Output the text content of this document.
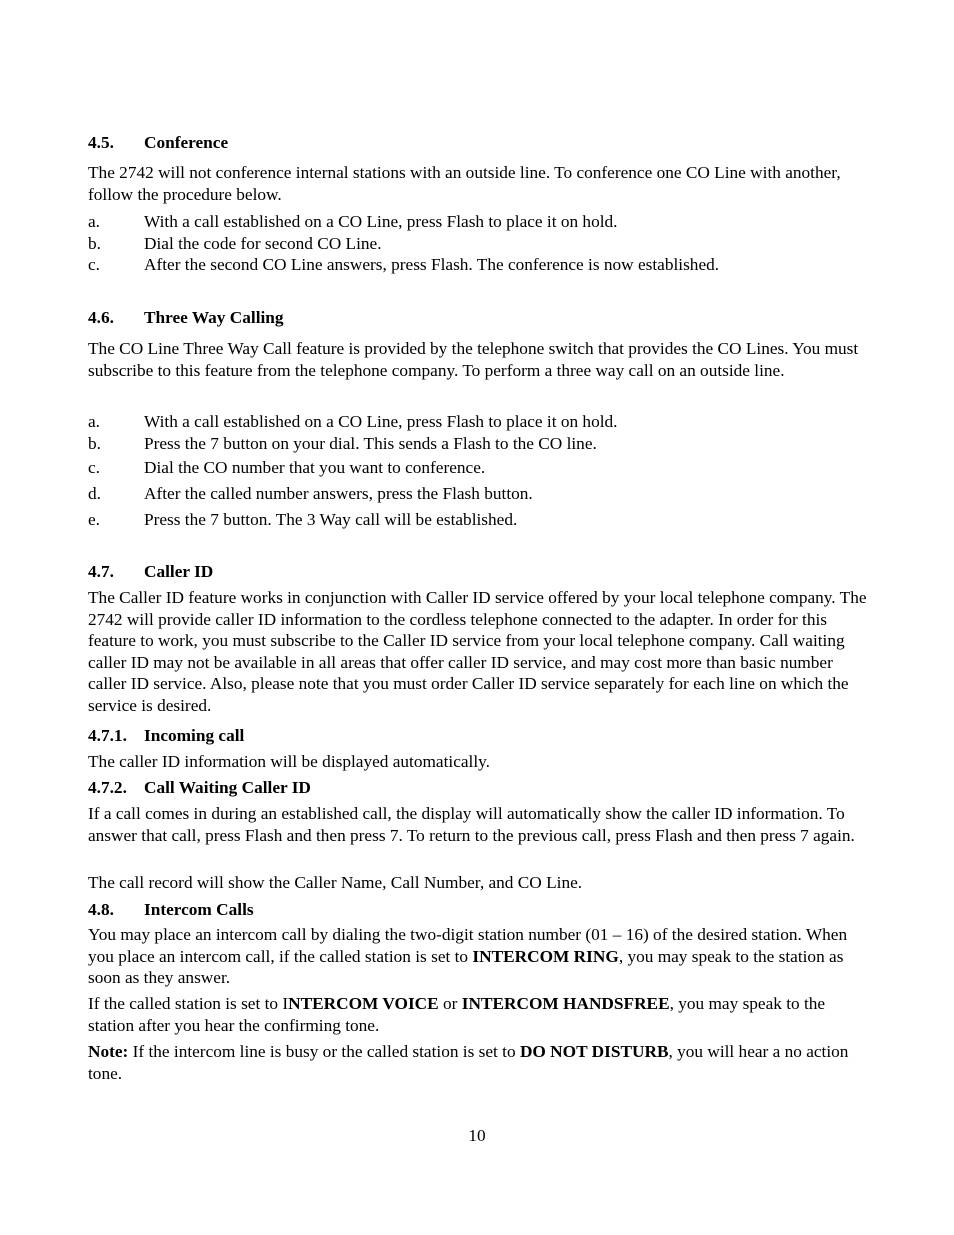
4.5. Conference
The 2742 will not conference internal stations with an outside line. To conference one CO Line with another, follow the procedure below.
a.	With a call established on a CO Line, press Flash to place it on hold.
b. Dial the code for second CO Line.
c.	After the second CO Line answers, press Flash. The conference is now established.
4.6. Three Way Calling
The CO Line Three Way Call feature is provided by the telephone switch that provides the CO Lines. You must subscribe to this feature from the telephone company. To perform a three way call on an outside line.
a.	With a call established on a CO Line, press Flash to place it on hold.
b. Press the 7 button on your dial. This sends a Flash to the CO line.
c.	Dial the CO number that you want to conference.
d. After the called number answers, press the Flash button.
e.	Press the 7 button. The 3 Way call will be established.
4.7. Caller ID
The Caller ID feature works in conjunction with Caller ID service offered by your local telephone company. The 2742 will provide caller ID information to the cordless telephone connected to the adapter. In order for this feature to work, you must subscribe to the Caller ID service from your local telephone company. Call waiting caller ID may not be available in all areas that offer caller ID service, and may cost more than basic number caller ID service. Also, please note that you must order Caller ID service separately for each line on which the service is desired.
4.7.1. Incoming call
The caller ID information will be displayed automatically.
4.7.2. Call Waiting Caller ID
If a call comes in during an established call, the display will automatically show the caller ID information. To answer that call, press Flash and then press 7. To return to the previous call, press Flash and then press 7 again.
The call record will show the Caller Name, Call Number, and CO Line.
4.8. Intercom Calls
You may place an intercom call by dialing the two-digit station number (01 – 16) of the desired station. When you place an intercom call, if the called station is set to INTERCOM RING, you may speak to the station as soon as they answer.
If the called station is set to INTERCOM VOICE or INTERCOM HANDSFREE, you may speak to the station after you hear the confirming tone.
Note: If the intercom line is busy or the called station is set to DO NOT DISTURB, you will hear a no action tone.
10
